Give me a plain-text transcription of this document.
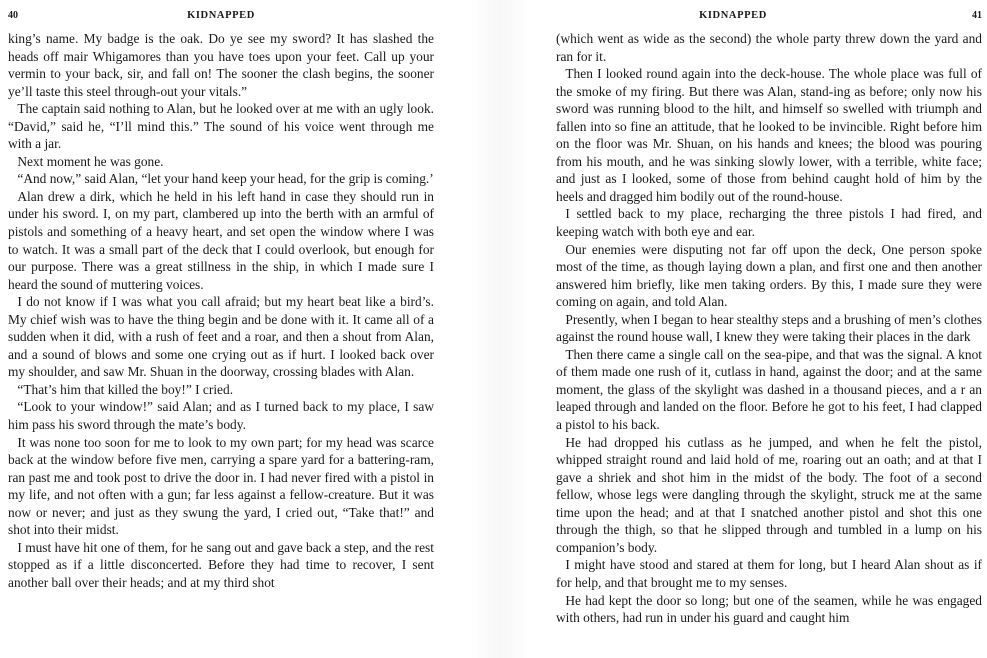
40	KIDNAPPED

king’s name. My badge is the oak. Do ye see my sword? It has slashed the heads off mair Whigamores than you have toes upon your feet. Call up your vermin to your back, sir, and fall on! The sooner the clash begins, the sooner ye’ll taste this steel through-out your vitals.”

The captain said nothing to Alan, but he looked over at me with an ugly look. “David,” said he, “I’ll mind this.” The sound of his voice went through me with a jar.

Next moment he was gone.

“And now,” said Alan, “let your hand keep your head, for the grip is coming.’

Alan drew a dirk, which he held in his left hand in case they should run in under his sword. I, on my part, clambered up into the berth with an armful of pistols and something of a heavy heart, and set open the window where I was to watch. It was a small part of the deck that I could overlook, but enough for our purpose. There was a great stillness in the ship, in which I made sure I heard the sound of muttering voices.

I do not know if I was what you call afraid; but my heart beat like a bird’s. My chief wish was to have the thing begin and be done with it. It came all of a sudden when it did, with a rush of feet and a roar, and then a shout from Alan, and a sound of blows and some one crying out as if hurt. I looked back over my shoulder, and saw Mr. Shuan in the doorway, crossing blades with Alan.

“That’s him that killed the boy!” I cried.

“Look to your window!” said Alan; and as I turned back to my place, I saw him pass his sword through the mate’s body.

It was none too soon for me to look to my own part; for my head was scarce back at the window before five men, carrying a spare yard for a battering-ram, ran past me and took post to drive the door in. I had never fired with a pistol in my life, and not often with a gun; far less against a fellow-creature. But it was now or never; and just as they swung the yard, I cried out, “Take that!” and shot into their midst.

I must have hit one of them, for he sang out and gave back a step, and the rest stopped as if a little disconcerted. Before they had time to recover, I sent another ball over their heads; and at my third shot

KIDNAPPED	41

(which went as wide as the second) the whole party threw down the yard and ran for it.

Then I looked round again into the deck-house. The whole place was full of the smoke of my firing. But there was Alan, stand-ing as before; only now his sword was running blood to the hilt, and himself so swelled with triumph and fallen into so fine an attitude, that he looked to be invincible. Right before him on the floor was Mr. Shuan, on his hands and knees; the blood was pouring from his mouth, and he was sinking slowly lower, with a terrible, white face; and just as I looked, some of those from behind caught hold of him by the heels and dragged him bodily out of the round-house.

I settled back to my place, recharging the three pistols I had fired, and keeping watch with both eye and ear.

Our enemies were disputing not far off upon the deck, One person spoke most of the time, as though laying down a plan, and first one and then another answered him briefly, like men taking orders. By this, I made sure they were coming on again, and told Alan.

Presently, when I began to hear stealthy steps and a brushing of men’s clothes against the round house wall, I knew they were taking their places in the dark

Then there came a single call on the sea-pipe, and that was the signal. A knot of them made one rush of it, cutlass in hand, against the door; and at the same moment, the glass of the skylight was dashed in a thousand pieces, and a r an leaped through and landed on the floor. Before he got to his feet, I had clapped a pistol to his back.

He had dropped his cutlass as he jumped, and when he felt the pistol, whipped straight round and laid hold of me, roaring out an oath; and at that I gave a shriek and shot him in the midst of the body. The foot of a second fellow, whose legs were dangling through the skylight, struck me at the same time upon the head; and at that I snatched another pistol and shot this one through the thigh, so that he slipped through and tumbled in a lump on his companion’s body.

I might have stood and stared at them for long, but I heard Alan shout as if for help, and that brought me to my senses.

He had kept the door so long; but one of the seamen, while he was engaged with others, had run in under his guard and caught him
